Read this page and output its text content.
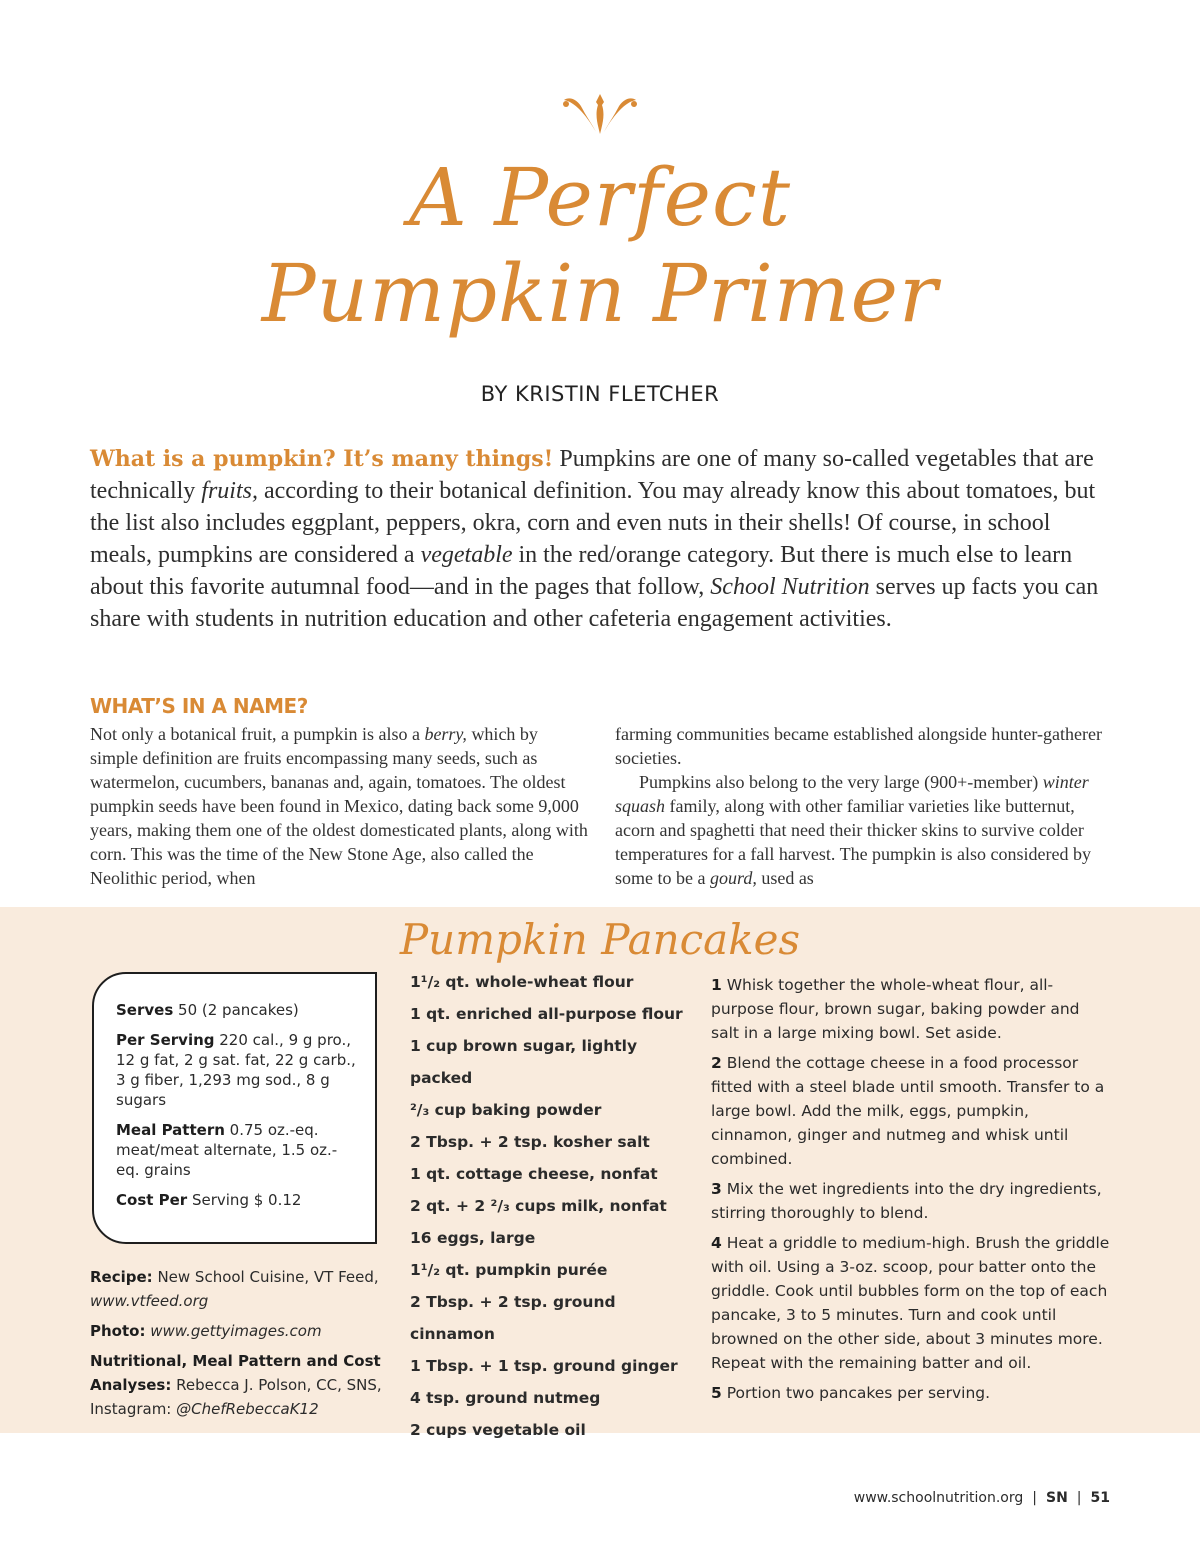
A Perfect
Pumpkin Primer
BY KRISTIN FLETCHER
What is a pumpkin? It’s many things! Pumpkins are one of many so-called vegetables that are technically fruits, according to their botanical definition. You may already know this about tomatoes, but the list also includes eggplant, peppers, okra, corn and even nuts in their shells! Of course, in school meals, pumpkins are considered a vegetable in the red/orange category. But there is much else to learn about this favorite autumnal food—and in the pages that follow, School Nutrition serves up facts you can share with students in nutrition education and other cafeteria engagement activities.
WHAT’S IN A NAME?

Not only a botanical fruit, a pumpkin is also a berry, which by simple definition are fruits encompassing many seeds, such as watermelon, cucumbers, bananas and, again, tomatoes. The oldest pumpkin seeds have been found in Mexico, dating back some 9,000 years, making them one of the oldest domesticated plants, along with corn. This was the time of the New Stone Age, also called the Neolithic period, when

farming communities became established alongside hunter-gatherer societies.

Pumpkins also belong to the very large (900+-member) winter squash family, along with other familiar varieties like butternut, acorn and spaghetti that need their thicker skins to survive colder temperatures for a fall harvest. The pumpkin is also considered by some to be a gourd, used as

Pumpkin Pancakes

Serves 50 (2 pancakes)

Per Serving 220 cal., 9 g pro., 12 g fat, 2 g sat. fat, 22 g carb., 3 g fiber, 1,293 mg sod., 8 g sugars

Meal Pattern 0.75 oz.-eq. meat/meat alternate, 1.5 oz.-eq. grains

Cost Per Serving $ 0.12

Recipe: New School Cuisine, VT Feed, www.vtfeed.org

Photo: www.gettyimages.com

Nutritional, Meal Pattern and Cost Analyses: Rebecca J. Polson, CC, SNS, Instagram: @ChefRebeccaK12

1¹/₂ qt. whole-wheat flour
1 qt. enriched all-purpose flour
1 cup brown sugar, lightly packed
²/₃ cup baking powder
2 Tbsp. + 2 tsp. kosher salt
1 qt. cottage cheese, nonfat
2 qt. + 2 ²/₃ cups milk, nonfat
16 eggs, large
1¹/₂ qt. pumpkin purée
2 Tbsp. + 2 tsp. ground cinnamon
1 Tbsp. + 1 tsp. ground ginger
4 tsp. ground nutmeg
2 cups vegetable oil

1 Whisk together the whole-wheat flour, all-purpose flour, brown sugar, baking powder and salt in a large mixing bowl. Set aside.

2 Blend the cottage cheese in a food processor fitted with a steel blade until smooth. Transfer to a large bowl. Add the milk, eggs, pumpkin, cinnamon, ginger and nutmeg and whisk until combined.

3 Mix the wet ingredients into the dry ingredients, stirring thoroughly to blend.

4 Heat a griddle to medium-high. Brush the griddle with oil. Using a 3-oz. scoop, pour batter onto the griddle. Cook until bubbles form on the top of each pancake, 3 to 5 minutes. Turn and cook until browned on the other side, about 3 minutes more. Repeat with the remaining batter and oil.

5 Portion two pancakes per serving.

www.schoolnutrition.org | SN | 51
